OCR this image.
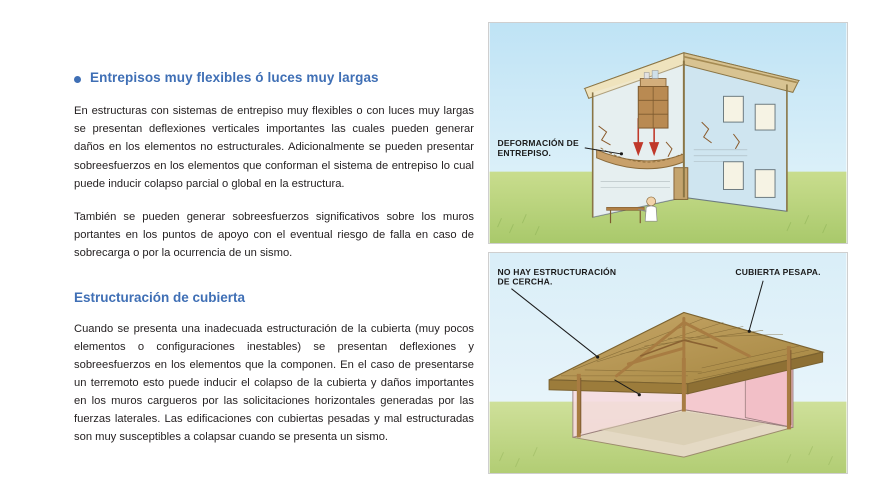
Entrepisos muy flexibles ó luces muy largas

En estructuras con sistemas de entrepiso muy flexibles o con luces muy largas se presentan deflexiones verticales importantes las cuales pueden generar daños en los elementos no estructurales. Adicionalmente se pueden presentar sobreesfuerzos en los elementos que conforman el sistema de entrepiso lo cual puede inducir colapso parcial o global en la estructura.

También se pueden generar sobreesfuerzos significativos sobre los muros portantes en los puntos de apoyo con el eventual riesgo de falla en caso de sobrecarga o por la ocurrencia de un sismo.

Estructuración de cubierta

Cuando se presenta una inadecuada estructuración de la cubierta (muy pocos elementos o configuraciones inestables) se presentan deflexiones y sobreesfuerzos en los elementos que la componen. En el caso de presentarse un terremoto esto puede inducir el colapso de la cubierta y daños importantes en los muros cargueros por las solicitaciones horizontales generadas por las fuerzas laterales. Las edificaciones con cubiertas pesadas y mal estructuradas son muy susceptibles a colapsar cuando se presenta un sismo.

DEFORMACIÓN DE
ENTREPISO.
NO HAY ESTRUCTURACIÓN
DE CERCHA.
CUBIERTA PESAPA.
